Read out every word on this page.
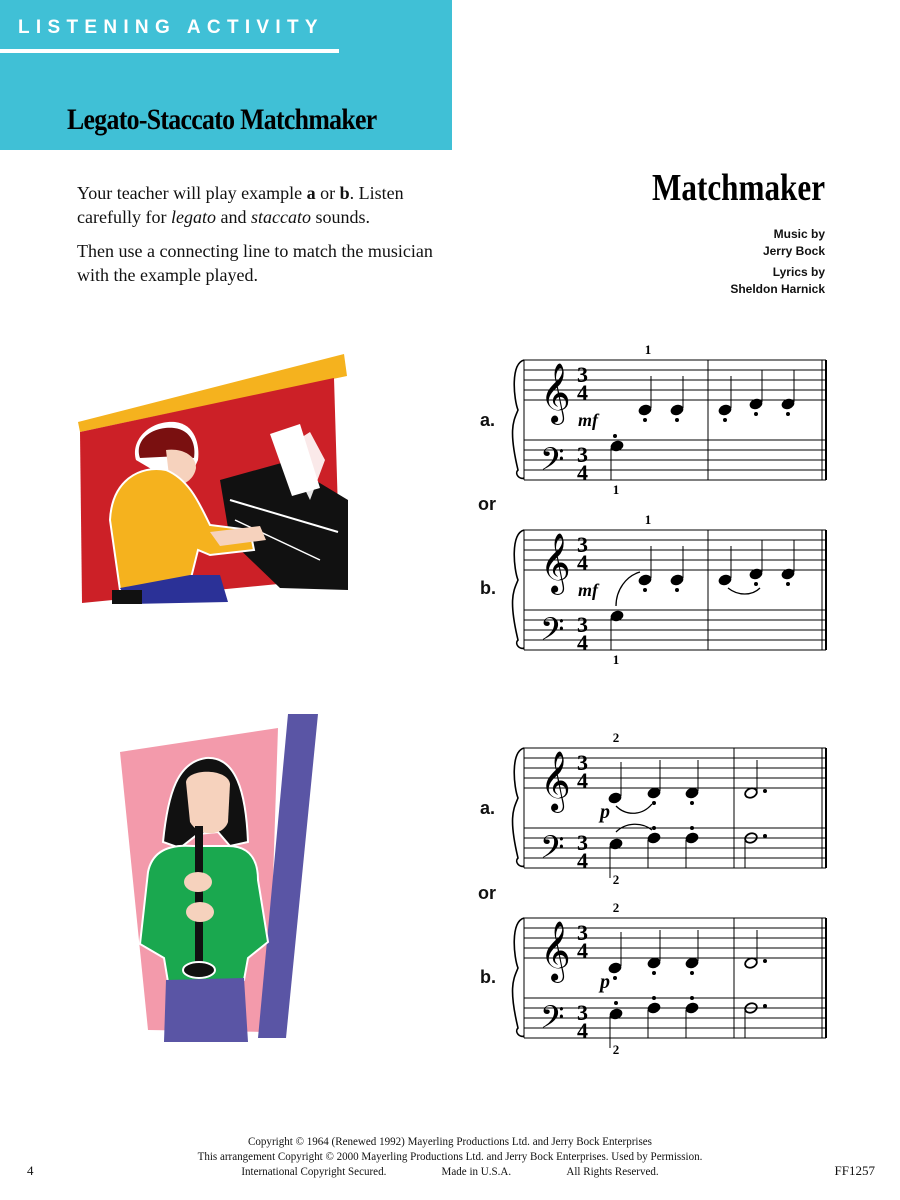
LISTENING ACTIVITY
Legato-Staccato Matchmaker

Your teacher will play example a or b. Listen carefully for legato and staccato sounds.

Then use a connecting line to match the musician with the example played.

Matchmaker
Music by
Jerry Bock
Lyrics by
Sheldon Harnick
a.
or
b.
a.
or
b.
𝄞
𝄢
3
4
3
4
1
1
mf
𝄞
𝄢
3
4
3
4
1
1
mf
𝄞
𝄢
3
4
3
4
2
2
p
𝄞
𝄢
3
4
3
4
2
2
p
Copyright © 1964 (Renewed 1992) Mayerling Productions Ltd. and Jerry Bock Enterprises
This arrangement Copyright © 2000 Mayerling Productions Ltd. and Jerry Bock Enterprises. Used by Permission.
International Copyright Secured.	Made in U.S.A.	All Rights Reserved.
4	FF1257
